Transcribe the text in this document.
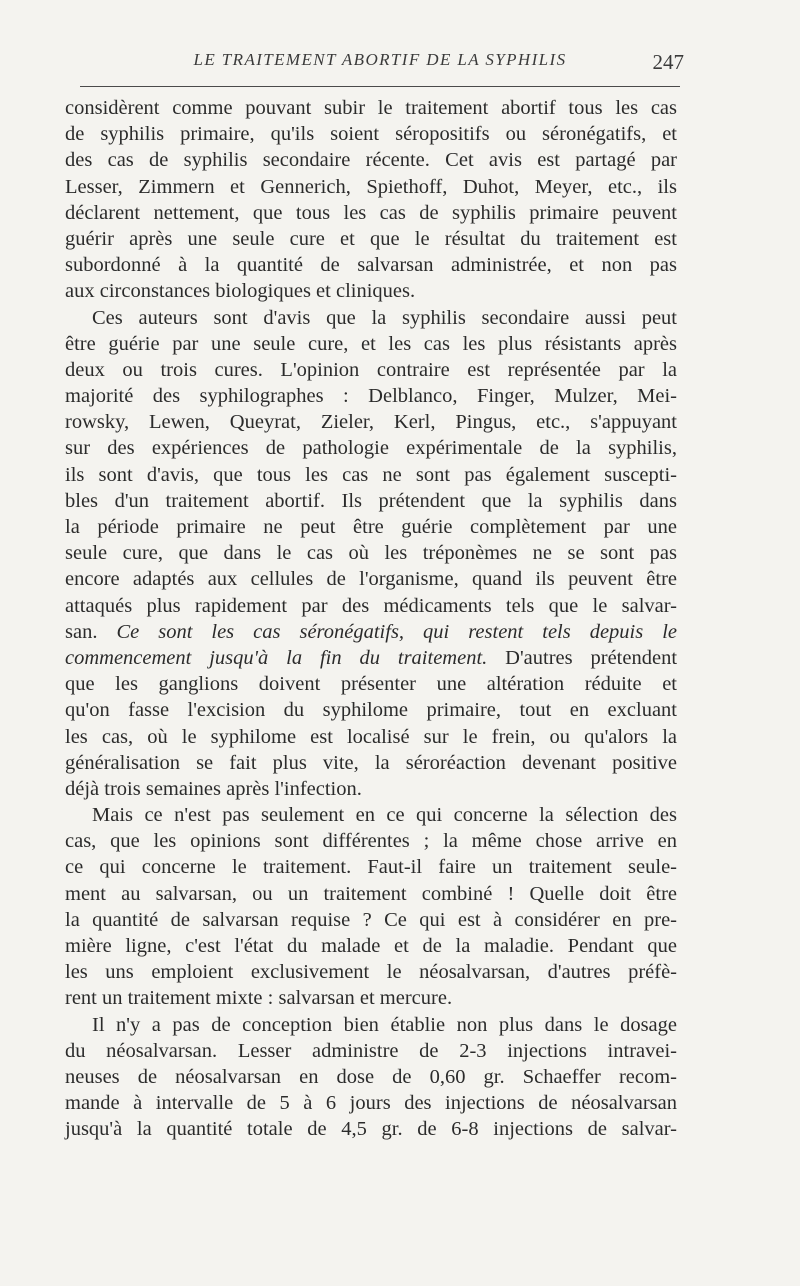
LE TRAITEMENT ABORTIF DE LA SYPHILIS	247
considèrent comme pouvant subir le traitement abortif tous les cas
de syphilis primaire, qu'ils soient séropositifs ou séronégatifs, et
des cas de syphilis secondaire récente. Cet avis est partagé par
Lesser, Zimmern et Gennerich, Spiethoff, Duhot, Meyer, etc., ils
déclarent nettement, que tous les cas de syphilis primaire peuvent
guérir après une seule cure et que le résultat du traitement est
subordonné à la quantité de salvarsan administrée, et non pas
aux circonstances biologiques et cliniques.
Ces auteurs sont d'avis que la syphilis secondaire aussi peut
être guérie par une seule cure, et les cas les plus résistants après
deux ou trois cures. L'opinion contraire est représentée par la
majorité des syphilographes : Delblanco, Finger, Mulzer, Mei-
rowsky, Lewen, Queyrat, Zieler, Kerl, Pingus, etc., s'appuyant
sur des expériences de pathologie expérimentale de la syphilis,
ils sont d'avis, que tous les cas ne sont pas également suscepti-
bles d'un traitement abortif. Ils prétendent que la syphilis dans
la période primaire ne peut être guérie complètement par une
seule cure, que dans le cas où les tréponèmes ne se sont pas
encore adaptés aux cellules de l'organisme, quand ils peuvent être
attaqués plus rapidement par des médicaments tels que le salvar-
san. Ce sont les cas séronégatifs, qui restent tels depuis le
commencement jusqu'à la fin du traitement. D'autres prétendent
que les ganglions doivent présenter une altération réduite et
qu'on fasse l'excision du syphilome primaire, tout en excluant
les cas, où le syphilome est localisé sur le frein, ou qu'alors la
généralisation se fait plus vite, la séroréaction devenant positive
déjà trois semaines après l'infection.
Mais ce n'est pas seulement en ce qui concerne la sélection des
cas, que les opinions sont différentes ; la même chose arrive en
ce qui concerne le traitement. Faut-il faire un traitement seule-
ment au salvarsan, ou un traitement combiné ! Quelle doit être
la quantité de salvarsan requise ? Ce qui est à considérer en pre-
mière ligne, c'est l'état du malade et de la maladie. Pendant que
les uns emploient exclusivement le néosalvarsan, d'autres préfè-
rent un traitement mixte : salvarsan et mercure.
Il n'y a pas de conception bien établie non plus dans le dosage
du néosalvarsan. Lesser administre de 2-3 injections intravei-
neuses de néosalvarsan en dose de 0,60 gr. Schaeffer recom-
mande à intervalle de 5 à 6 jours des injections de néosalvarsan
jusqu'à la quantité totale de 4,5 gr. de 6-8 injections de salvar-
